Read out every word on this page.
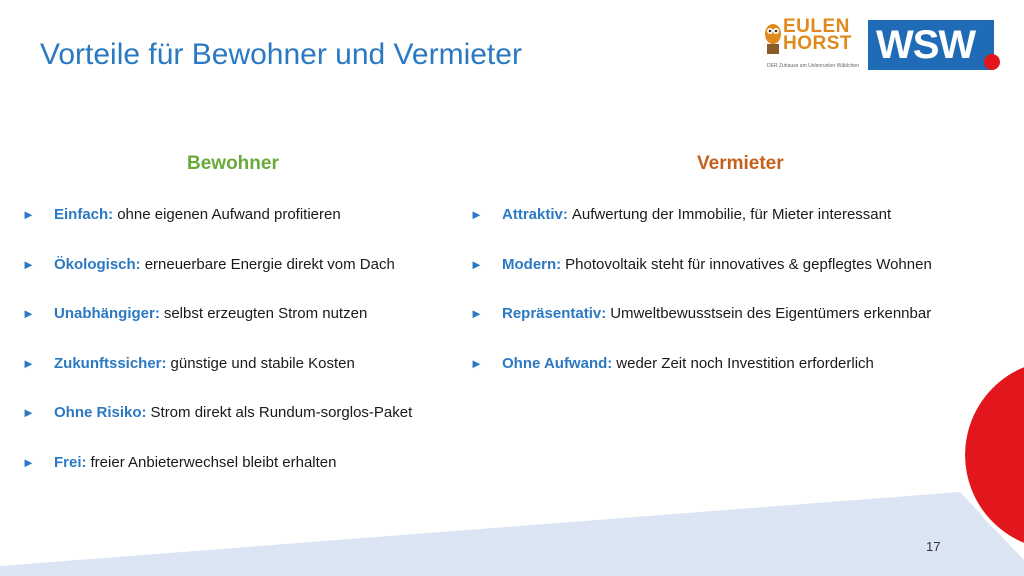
Vorteile für Bewohner und Vermieter
EULEN
HORST
DER Zuhause am Uelenrunker Wäldchen WSW
Bewohner	Vermieter
►	Einfach: ohne eigenen Aufwand profitieren
►	Ökologisch: erneuerbare Energie direkt vom Dach
►	Unabhängiger: selbst erzeugten Strom nutzen
►	Zukunftssicher: günstige und stabile Kosten
►	Ohne Risiko: Strom direkt als Rundum-sorglos-Paket
►	Frei: freier Anbieterwechsel bleibt erhalten
►	Attraktiv: Aufwertung der Immobilie, für Mieter interessant
►	Modern: Photovoltaik steht für innovatives & gepflegtes Wohnen
►	Repräsentativ: Umweltbewusstsein des Eigentümers erkennbar
►	Ohne Aufwand: weder Zeit noch Investition erforderlich
17
